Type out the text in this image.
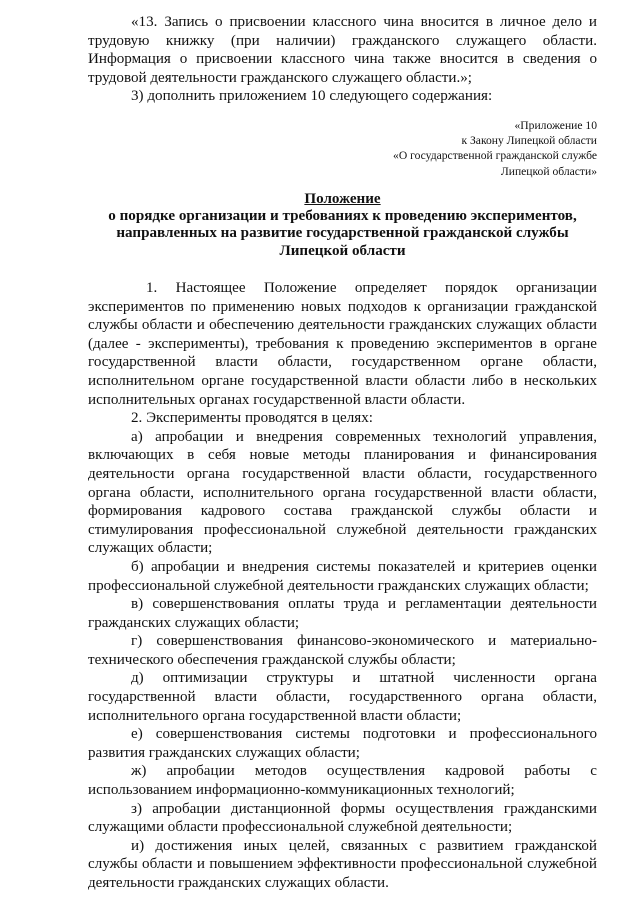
«13. Запись о присвоении классного чина вносится в личное дело и трудовую книжку (при наличии) гражданского служащего области. Информация о присвоении классного чина также вносится в сведения о трудовой деятельности гражданского служащего области.»;

3) дополнить приложением 10 следующего содержания:

«Приложение 10
к Закону Липецкой области
«О государственной гражданской службе
Липецкой области»
Положение
о порядке организации и требованиях к проведению экспериментов,
направленных на развитие государственной гражданской службы
Липецкой области

1. Настоящее Положение определяет порядок организации экспериментов по применению новых подходов к организации гражданской службы области и обеспечению деятельности гражданских служащих области (далее - эксперименты), требования к проведению экспериментов в органе государственной власти области, государственном органе области, исполнительном органе государственной власти области либо в нескольких исполнительных органах государственной власти области.

2. Эксперименты проводятся в целях:

а) апробации и внедрения современных технологий управления, включающих в себя новые методы планирования и финансирования деятельности органа государственной власти области, государственного органа области, исполнительного органа государственной власти области, формирования кадрового состава гражданской службы области и стимулирования профессиональной служебной деятельности гражданских служащих области;

б) апробации и внедрения системы показателей и критериев оценки профессиональной служебной деятельности гражданских служащих области;

в) совершенствования оплаты труда и регламентации деятельности гражданских служащих области;

г) совершенствования финансово-экономического и материально-технического обеспечения гражданской службы области;

д) оптимизации структуры и штатной численности органа государственной власти области, государственного органа области, исполнительного органа государственной власти области;

е) совершенствования системы подготовки и профессионального развития гражданских служащих области;

ж) апробации методов осуществления кадровой работы с использованием информационно-коммуникационных технологий;

з) апробации дистанционной формы осуществления гражданскими служащими области профессиональной служебной деятельности;

и) достижения иных целей, связанных с развитием гражданской службы области и повышением эффективности профессиональной служебной деятельности гражданских служащих области.
